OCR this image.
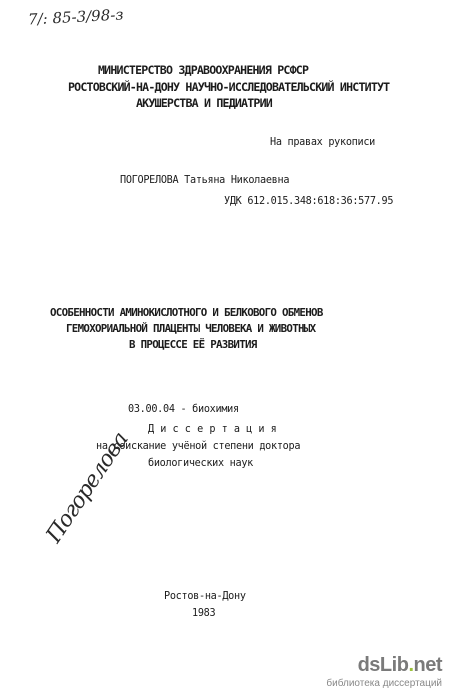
7/: 85-3/98-з
МИНИСТЕРСТВО ЗДРАВООХРАНЕНИЯ РСФСР
РОСТОВСКИЙ-НА-ДОНУ НАУЧНО-ИССЛЕДОВАТЕЛЬСКИЙ ИНСТИТУТ
АКУШЕРСТВА И ПЕДИАТРИИ
На правах рукописи
ПОГОРЕЛОВА Татьяна Николаевна
УДК 612.015.348:618:36:577.95
ОСОБЕННОСТИ АМИНОКИСЛОТНОГО И БЕЛКОВОГО ОБМЕНОВ
ГЕМОХОРИАЛЬНОЙ ПЛАЦЕНТЫ ЧЕЛОВЕКА И ЖИВОТНЫХ
В ПРОЦЕССЕ ЕЁ РАЗВИТИЯ
03.00.04 - биохимия
Д и с с е р т а ц и я
на соискание учёной степени доктора
биологических наук
Погорелова
Ростов-на-Дону
1983
dsLib.net
библиотека диссертаций
